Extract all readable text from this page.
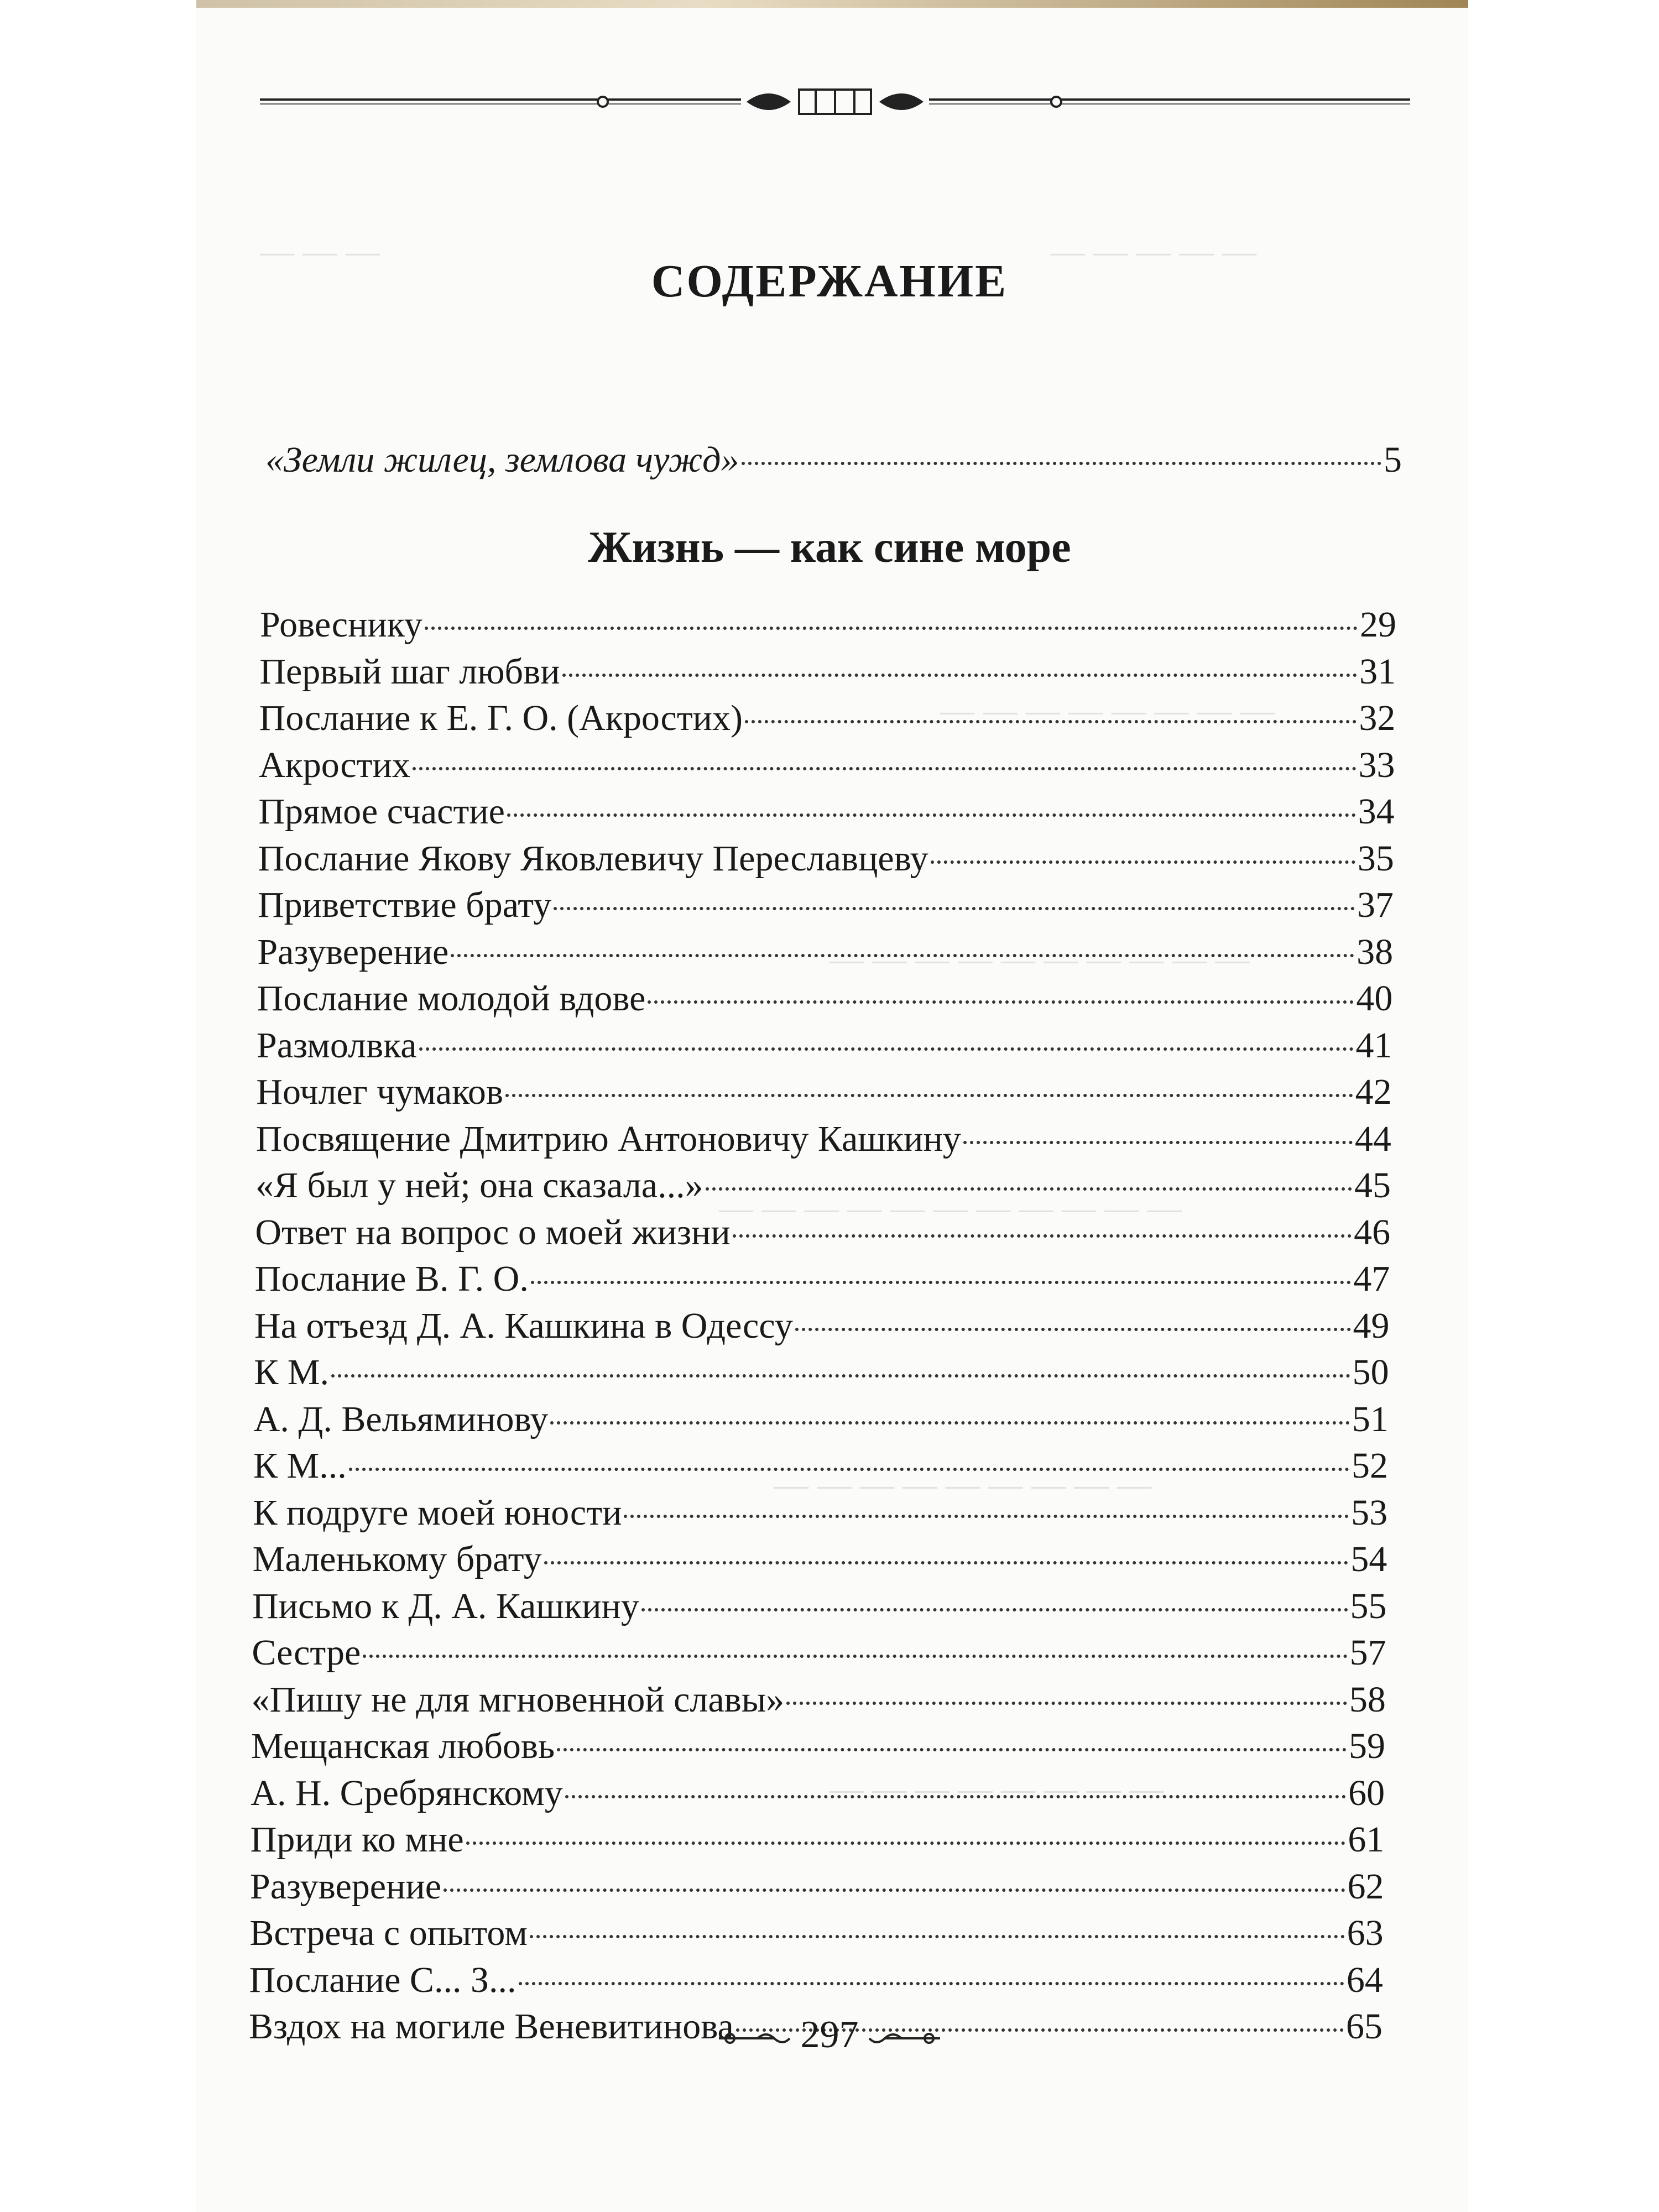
— — — — —
— — —
— — — — — — — —
— — — — — — — — — —
— — — — — — — — — — —
— — — — — — — — —
— — — — — — — —
СОДЕРЖАНИЕ
«Земли жилец, землова чужд»	5
Жизнь — как сине море
Ровеснику	29
Первый шаг любви	31
Послание к Е. Г. О. (Акростих)	32
Акростих	33
Прямое счастие	34
Послание Якову Яковлевичу Переславцеву	35
Приветствие брату	37
Разуверение	38
Послание молодой вдове	40
Размолвка	41
Ночлег чумаков	42
Посвящение Дмитрию Антоновичу Кашкину	44
«Я был у ней; она сказала...»	45
Ответ на вопрос о моей жизни	46
Послание В. Г. О.	47
На отъезд Д. А. Кашкина в Одессу	49
К М.	50
А. Д. Вельяминову	51
К М...	52
К подруге моей юности	53
Маленькому брату	54
Письмо к Д. А. Кашкину	55
Сестре	57
«Пишу не для мгновенной славы»	58
Мещанская любовь	59
А. Н. Сребрянскому	60
Приди ко мне	61
Разуверение	62
Встреча с опытом	63
Послание С... З...	64
Вздох на могиле Веневитинова	65
297
